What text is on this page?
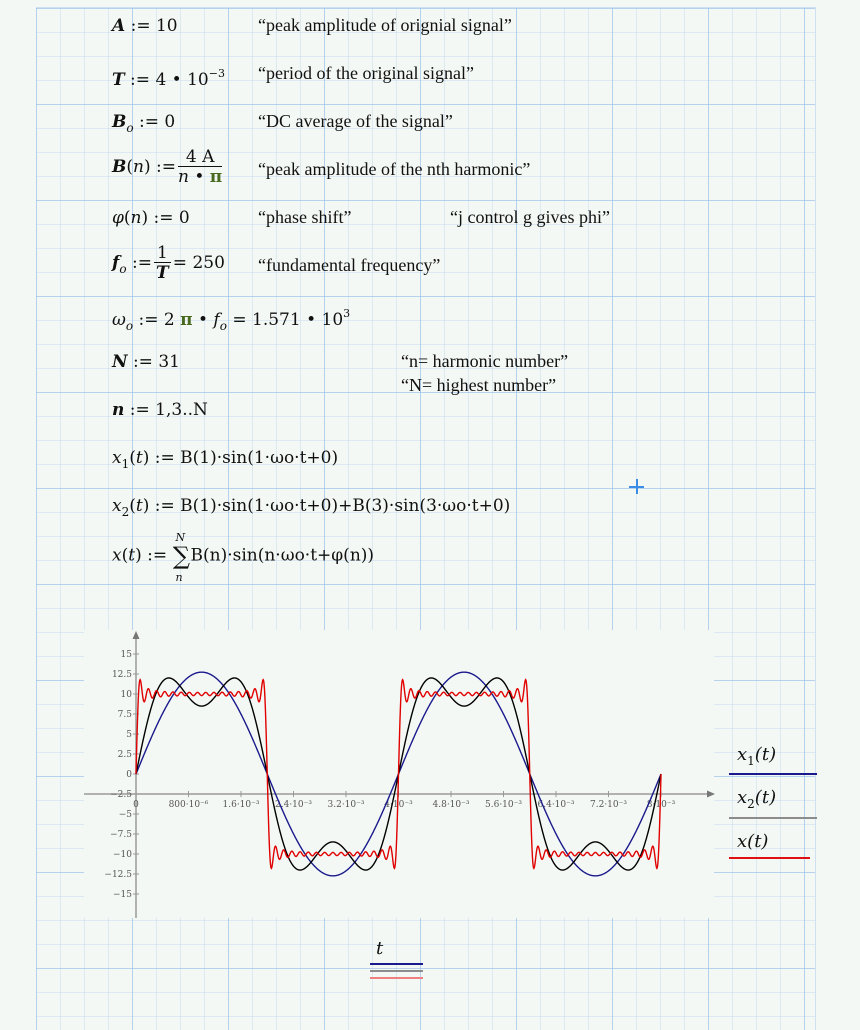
A := 10	“peak amplitude of orignial signal”
T := 4 • $10^{-3}$ “period of the original signal”
$B_o$ := 0	“DC average of the signal”
B(n) := $\frac{4 A}{n • \pi}$ “peak amplitude of the nth harmonic”
φ(n) := 0	“phase shift”	“j control g gives phi”
$f_o$ := $\frac{1}{T} = 250$ “fundamental frequency”
$\omega_o$ := 2 π • $f_o = 1.571$ • $10^3$
N := 31	“n= harmonic number”
“N= highest number”
n := 1,3..N
$x_1(t)$ := B(1)·sin(1·ωo·t+0)
$x_2(t)$ := B(1)·sin(1·ωo·t+0)+B(3)·sin(3·ωo·t+0)
x(t) :=
N
∑
n
B(n)·sin(n·ωo·t+φ(n))
15
12.5
10
7.5
5
2.5
0
−2.5
−5
−7.5
−10
−12.5
−15
0	800·10⁻⁶ 1.6·10⁻³ 2.4·10⁻³ 3.2·10⁻³ 4·10⁻³ 4.8·10⁻³ 5.6·10⁻³ 6.4·10⁻³ 7.2·10⁻³ 8·10⁻³
$x_1(t)$
$x_2(t)$
x(t)
t
